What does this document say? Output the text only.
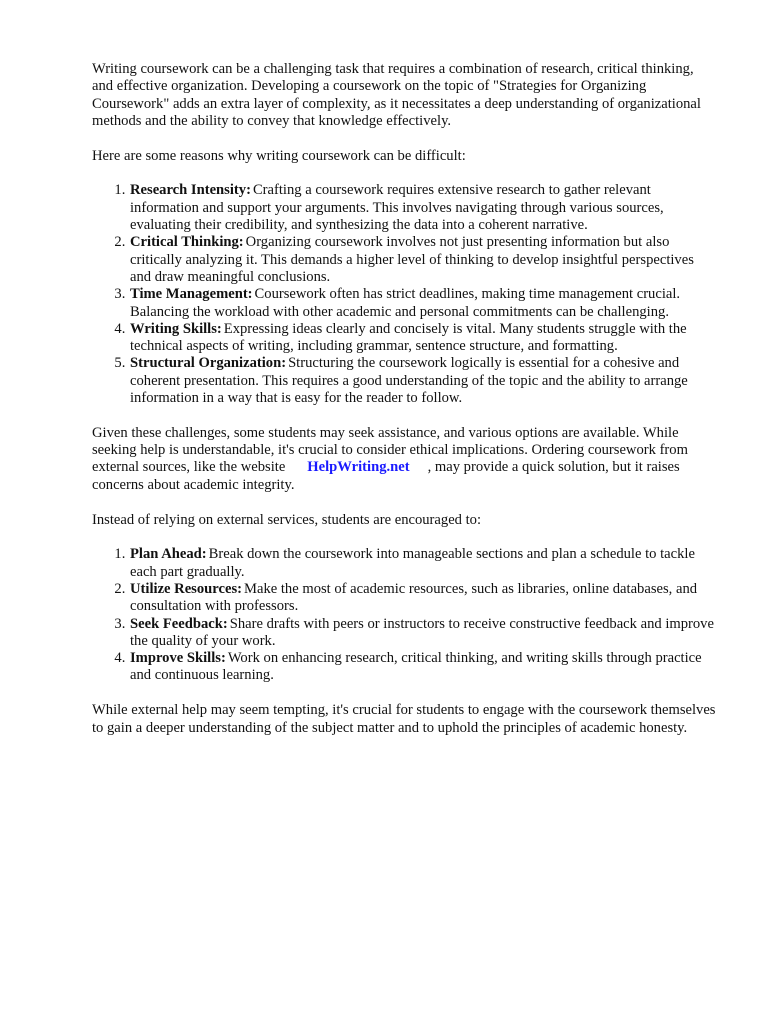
Writing coursework can be a challenging task that requires a combination of research, critical thinking, and effective organization. Developing a coursework on the topic of "Strategies for Organizing Coursework" adds an extra layer of complexity, as it necessitates a deep understanding of organizational methods and the ability to convey that knowledge effectively.

Here are some reasons why writing coursework can be difficult:

1. Research Intensity: Crafting a coursework requires extensive research to gather relevant information and support your arguments. This involves navigating through various sources, evaluating their credibility, and synthesizing the data into a coherent narrative.
2. Critical Thinking: Organizing coursework involves not just presenting information but also critically analyzing it. This demands a higher level of thinking to develop insightful perspectives and draw meaningful conclusions.
3. Time Management: Coursework often has strict deadlines, making time management crucial. Balancing the workload with other academic and personal commitments can be challenging.
4. Writing Skills: Expressing ideas clearly and concisely is vital. Many students struggle with the technical aspects of writing, including grammar, sentence structure, and formatting.
5. Structural Organization: Structuring the coursework logically is essential for a cohesive and coherent presentation. This requires a good understanding of the topic and the ability to arrange information in a way that is easy for the reader to follow.

Given these challenges, some students may seek assistance, and various options are available. While seeking help is understandable, it's crucial to consider ethical implications. Ordering coursework from external sources, like the website HelpWriting.net , may provide a quick solution, but it raises concerns about academic integrity.

Instead of relying on external services, students are encouraged to:

1. Plan Ahead: Break down the coursework into manageable sections and plan a schedule to tackle each part gradually.
2. Utilize Resources: Make the most of academic resources, such as libraries, online databases, and consultation with professors.
3. Seek Feedback: Share drafts with peers or instructors to receive constructive feedback and improve the quality of your work.
4. Improve Skills: Work on enhancing research, critical thinking, and writing skills through practice and continuous learning.

While external help may seem tempting, it's crucial for students to engage with the coursework themselves to gain a deeper understanding of the subject matter and to uphold the principles of academic honesty.
